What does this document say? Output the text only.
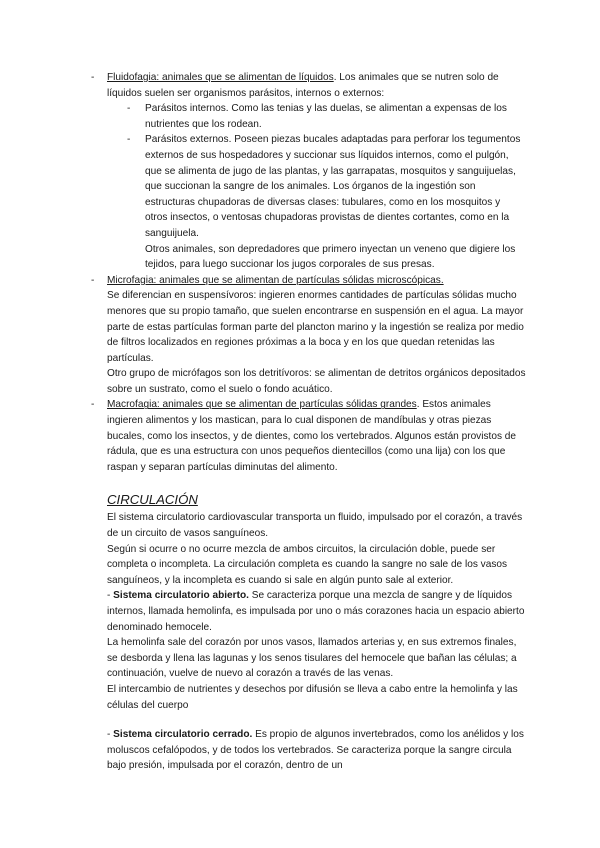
- Fluidofagia: animales que se alimentan de líquidos. Los animales que se nutren solo de líquidos suelen ser organismos parásitos, internos o externos:

- Parásitos internos. Como las tenias y las duelas, se alimentan a expensas de los nutrientes que los rodean.

- Parásitos externos. Poseen piezas bucales adaptadas para perforar los tegumentos externos de sus hospedadores y succionar sus líquidos internos, como el pulgón, que se alimenta de jugo de las plantas, y las garrapatas, mosquitos y sanguijuelas, que succionan la sangre de los animales. Los órganos de la ingestión son estructuras chupadoras de diversas clases: tubulares, como en los mosquitos y otros insectos, o ventosas chupadoras provistas de dientes cortantes, como en la sanguijuela.

Otros animales, son depredadores que primero inyectan un veneno que digiere los tejidos, para luego succionar los jugos corporales de sus presas.

- Microfagia: animales que se alimentan de partículas sólidas microscópicas.

Se diferencian en suspensívoros: ingieren enormes cantidades de partículas sólidas mucho menores que su propio tamaño, que suelen encontrarse en suspensión en el agua. La mayor parte de estas partículas forman parte del plancton marino y la ingestión se realiza por medio de filtros localizados en regiones próximas a la boca y en los que quedan retenidas las partículas.

Otro grupo de micrófagos son los detritívoros: se alimentan de detritos orgánicos depositados sobre un sustrato, como el suelo o fondo acuático.

- Macrofagia: animales que se alimentan de partículas sólidas grandes. Estos animales ingieren alimentos y los mastican, para lo cual disponen de mandíbulas y otras piezas bucales, como los insectos, y de dientes, como los vertebrados. Algunos están provistos de rádula, que es una estructura con unos pequeños dientecillos (como una lija) con los que raspan y separan partículas diminutas del alimento.

CIRCULACIÓN

El sistema circulatorio cardiovascular transporta un fluido, impulsado por el corazón, a través de un circuito de vasos sanguíneos.

Según si ocurre o no ocurre mezcla de ambos circuitos, la circulación doble, puede ser completa o incompleta. La circulación completa es cuando la sangre no sale de los vasos sanguíneos, y la incompleta es cuando si sale en algún punto sale al exterior.

- Sistema circulatorio abierto. Se caracteriza porque una mezcla de sangre y de líquidos internos, llamada hemolinfa, es impulsada por uno o más corazones hacia un espacio abierto denominado hemocele.

La hemolinfa sale del corazón por unos vasos, llamados arterias y, en sus extremos finales, se desborda y llena las lagunas y los senos tisulares del hemocele que bañan las células; a continuación, vuelve de nuevo al corazón a través de las venas.

El intercambio de nutrientes y desechos por difusión se lleva a cabo entre la hemolinfa y las células del cuerpo

- Sistema circulatorio cerrado. Es propio de algunos invertebrados, como los anélidos y los moluscos cefalópodos, y de todos los vertebrados. Se caracteriza porque la sangre circula bajo presión, impulsada por el corazón, dentro de un
